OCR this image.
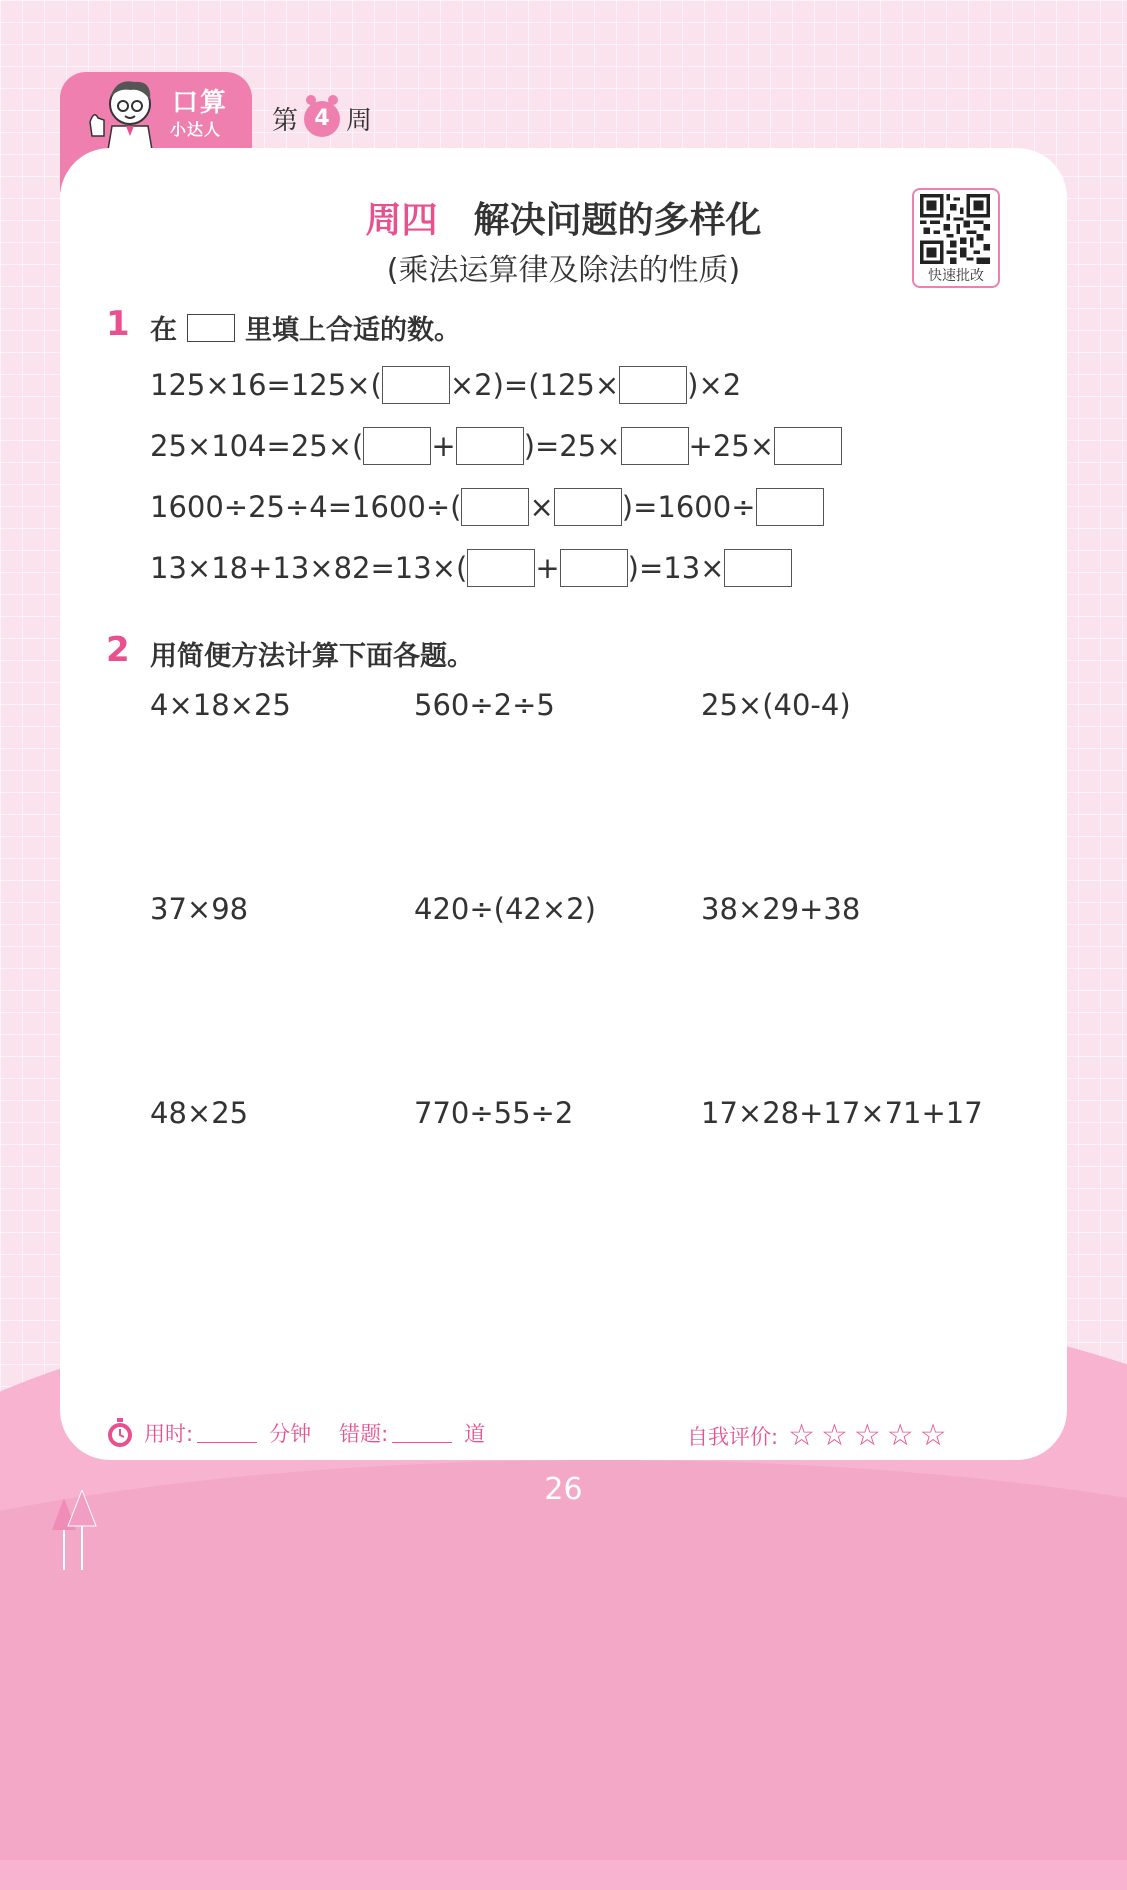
口算
小达人 第 4 周
周四 解决问题的多样化
(乘法运算律及除法的性质)	快速批改
1 在	里填上合适的数。
125×16=125×( ×2)=(125× )×2
25×104=25×( + )=25× +25×
1600÷25÷4=1600÷( × )=1600÷
13×18+13×82=13×( + )=13×
2 用简便方法计算下面各题。
4×18×25	560÷2÷5	25×(40-4)
37×98	420÷(42×2)	38×29+38
48×25	770÷55÷2	17×28+17×71+17
用时:	分钟 错题:	道	自我评价: ☆☆☆☆☆
26
